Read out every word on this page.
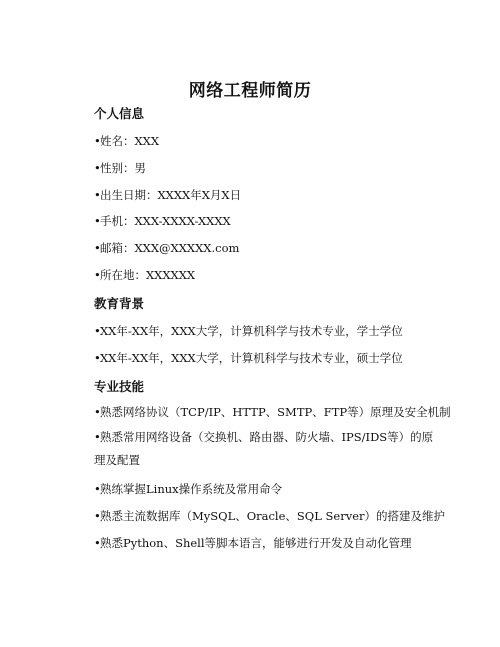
网络工程师简历
个人信息
•姓名：XXX
•性别：男
•出生日期：XXXX年X月X日
•手机：XXX-XXXX-XXXX
•邮箱：XXX@XXXXX.com
•所在地：XXXXXX
教育背景
•XX年-XX年，XXX大学，计算机科学与技术专业，学士学位
•XX年-XX年，XXX大学，计算机科学与技术专业，硕士学位
专业技能
•熟悉网络协议（TCP/IP、HTTP、SMTP、FTP等）原理及安全机制
•熟悉常用网络设备（交换机、路由器、防火墙、IPS/IDS等）的原理及配置
•熟练掌握Linux操作系统及常用命令
•熟悉主流数据库（MySQL、Oracle、SQL Server）的搭建及维护
•熟悉Python、Shell等脚本语言，能够进行开发及自动化管理
